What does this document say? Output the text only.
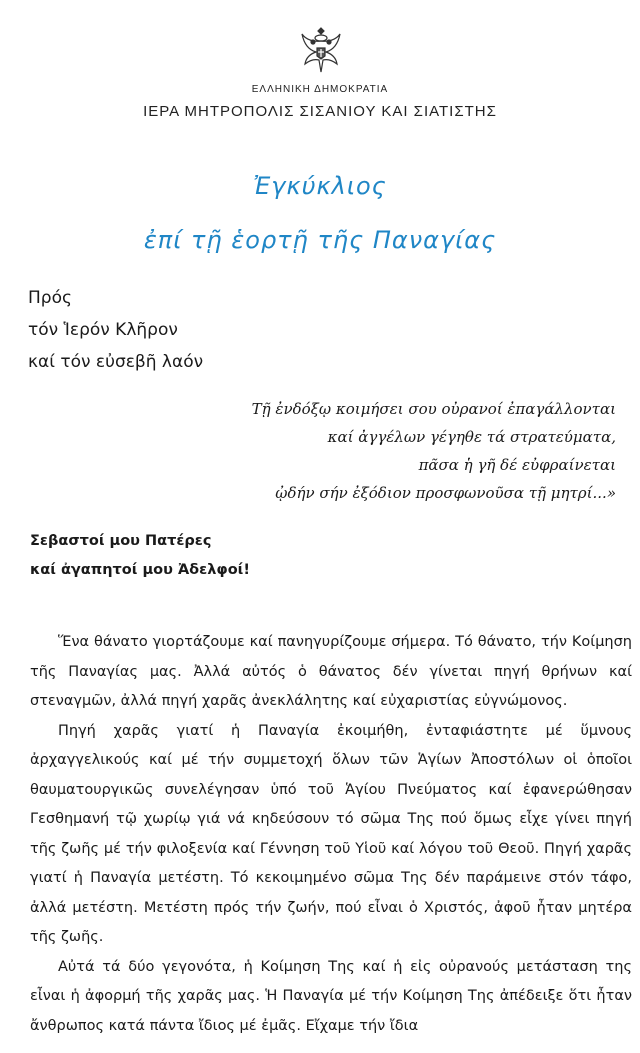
ΕΛΛΗΝΙΚΗ ΔΗΜΟΚΡΑΤΙΑ
ΙΕΡΑ ΜΗΤΡΟΠΟΛΙΣ ΣΙΣΑΝΙΟΥ ΚΑΙ ΣΙΑΤΙΣΤΗΣ
Ἐγκύκλιος
ἐπί τῇ ἑορτῇ τῆς Παναγίας
Πρός
τόν Ἱερόν Κλῆρον
καί τόν εὐσεβῆ λαόν
Τῇ ἐνδόξῳ κοιμήσει σου οὐρανοί ἐπαγάλλονται
καί ἀγγέλων γέγηθε τά στρατεύματα,
πᾶσα ἡ γῆ δέ εὐφραίνεται
ᾠδήν σήν ἐξόδιον προσφωνοῦσα τῇ μητρί...»
Σεβαστοί μου Πατέρες
καί ἀγαπητοί μου Ἀδελφοί!

Ἕνα θάνατο γιορτάζουμε καί πανηγυρίζουμε σήμερα. Τό θάνατο, τήν Κοίμηση τῆς Παναγίας μας. Ἀλλά αὐτός ὁ θάνατος δέν γίνεται πηγή θρήνων καί στεναγμῶν, ἀλλά πηγή χαρᾶς ἀνεκλάλητης καί εὐχαριστίας εὐγνώμονος.

Πηγή χαρᾶς γιατί ἡ Παναγία ἐκοιμήθη, ἐνταφιάστητε μέ ὕμνους ἀρχαγγελικούς καί μέ τήν συμμετοχή ὅλων τῶν Ἁγίων Ἀποστόλων οἱ ὁποῖοι θαυματουργικῶς συνελέγησαν ὑπό τοῦ Ἁγίου Πνεύματος καί ἐφανερώθησαν Γεσθημανή τῷ χωρίῳ γιά νά κηδεύσουν τό σῶμα Της πού ὅμως εἶχε γίνει πηγή τῆς ζωῆς μέ τήν φιλοξενία καί Γέννηση τοῦ Υἱοῦ καί λόγου τοῦ Θεοῦ. Πηγή χαρᾶς γιατί ἡ Παναγία μετέστη. Τό κεκοιμημένο σῶμα Της δέν παράμεινε στόν τάφο, ἀλλά μετέστη. Μετέστη πρός τήν ζωήν, πού εἶναι ὁ Χριστός, ἀφοῦ ἦταν μητέρα τῆς ζωῆς.

Αὐτά τά δύο γεγονότα, ἡ Κοίμηση Της καί ἡ εἰς οὐρανούς μετάσταση της εἶναι ἡ ἀφορμή τῆς χαρᾶς μας. Ἡ Παναγία μέ τήν Κοίμηση Της ἀπέδειξε ὅτι ἦταν ἄνθρωπος κατά πάντα ἴδιος μέ ἐμᾶς. Εἴχαμε τήν ἴδια
